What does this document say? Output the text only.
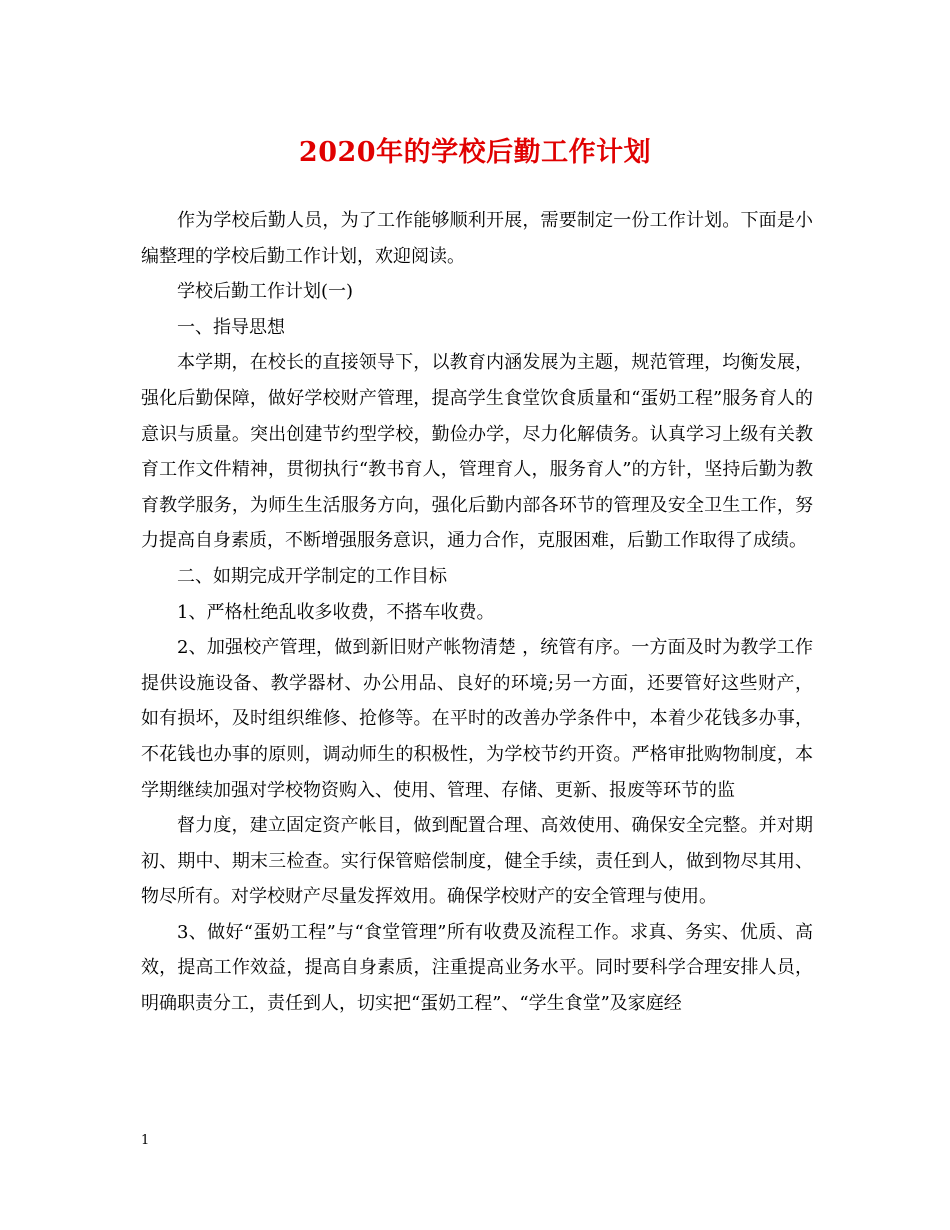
2020年的学校后勤工作计划

作为学校后勤人员，为了工作能够顺利开展，需要制定一份工作计划。下面是小编整理的学校后勤工作计划，欢迎阅读。

学校后勤工作计划(一)

一、指导思想

本学期，在校长的直接领导下，以教育内涵发展为主题，规范管理，均衡发展，强化后勤保障，做好学校财产管理，提高学生食堂饮食质量和“蛋奶工程”服务育人的意识与质量。突出创建节约型学校，勤俭办学，尽力化解债务。认真学习上级有关教育工作文件精神，贯彻执行“教书育人，管理育人，服务育人”的方针，坚持后勤为教育教学服务，为师生生活服务方向，强化后勤内部各环节的管理及安全卫生工作，努力提高自身素质，不断增强服务意识，通力合作，克服困难，后勤工作取得了成绩。

二、如期完成开学制定的工作目标

1、严格杜绝乱收多收费，不搭车收费。

2、加强校产管理，做到新旧财产帐物清楚 ，统管有序。一方面及时为教学工作提供设施设备、教学器材、办公用品、良好的环境;另一方面，还要管好这些财产，如有损坏，及时组织维修、抢修等。在平时的改善办学条件中，本着少花钱多办事，不花钱也办事的原则，调动师生的积极性，为学校节约开资。严格审批购物制度，本学期继续加强对学校物资购入、使用、管理、存储、更新、报废等环节的监

督力度，建立固定资产帐目，做到配置合理、高效使用、确保安全完整。并对期初、期中、期末三检查。实行保管赔偿制度，健全手续，责任到人，做到物尽其用、物尽所有。对学校财产尽量发挥效用。确保学校财产的安全管理与使用。

3、做好“蛋奶工程”与“食堂管理”所有收费及流程工作。求真、务实、优质、高效，提高工作效益，提高自身素质，注重提高业务水平。同时要科学合理安排人员，明确职责分工，责任到人，切实把“蛋奶工程”、“学生食堂”及家庭经

1
